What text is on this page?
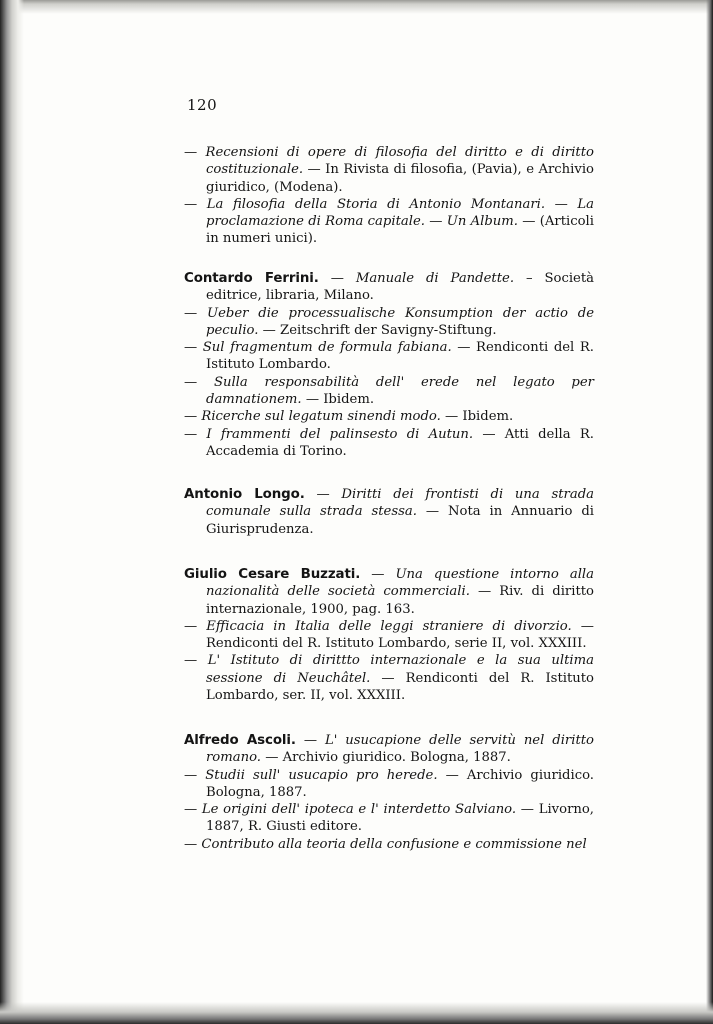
120

— Recensioni di opere di filosofia del diritto e di diritto costituzionale. — In Rivista di filosofia, (Pavia), e Archivio giuridico, (Modena).

— La filosofia della Storia di Antonio Montanari. — La proclamazione di Roma capitale. — Un Album. — (Articoli in numeri unici).

Contardo Ferrini. — Manuale di Pandette. – Società editrice, libraria, Milano.

— Ueber die processualische Konsumption der actio de peculio. — Zeitschrift der Savigny-Stiftung.

— Sul fragmentum de formula fabiana. — Rendiconti del R. Istituto Lombardo.

— Sulla responsabilità dell' erede nel legato per damnationem. — Ibidem.

— Ricerche sul legatum sinendi modo. — Ibidem.

— I frammenti del palinsesto di Autun. — Atti della R. Accademia di Torino.

Antonio Longo. — Diritti dei frontisti di una strada comunale sulla strada stessa. — Nota in Annuario di Giurisprudenza.

Giulio Cesare Buzzati. — Una questione intorno alla nazionalità delle società commerciali. — Riv. di diritto internazionale, 1900, pag. 163.

— Efficacia in Italia delle leggi straniere di divorzio. — Rendiconti del R. Istituto Lombardo, serie II, vol. XXXIII.

— L' Istituto di dirittto internazionale e la sua ultima sessione di Neuchâtel. — Rendiconti del R. Istituto Lombardo, ser. II, vol. XXXIII.

Alfredo Ascoli. — L' usucapione delle servitù nel diritto romano. — Archivio giuridico. Bologna, 1887.

— Studii sull' usucapio pro herede. — Archivio giuridico. Bologna, 1887.

— Le origini dell' ipoteca e l' interdetto Salviano. — Livorno, 1887, R. Giusti editore.

— Contributo alla teoria della confusione e commissione nel
